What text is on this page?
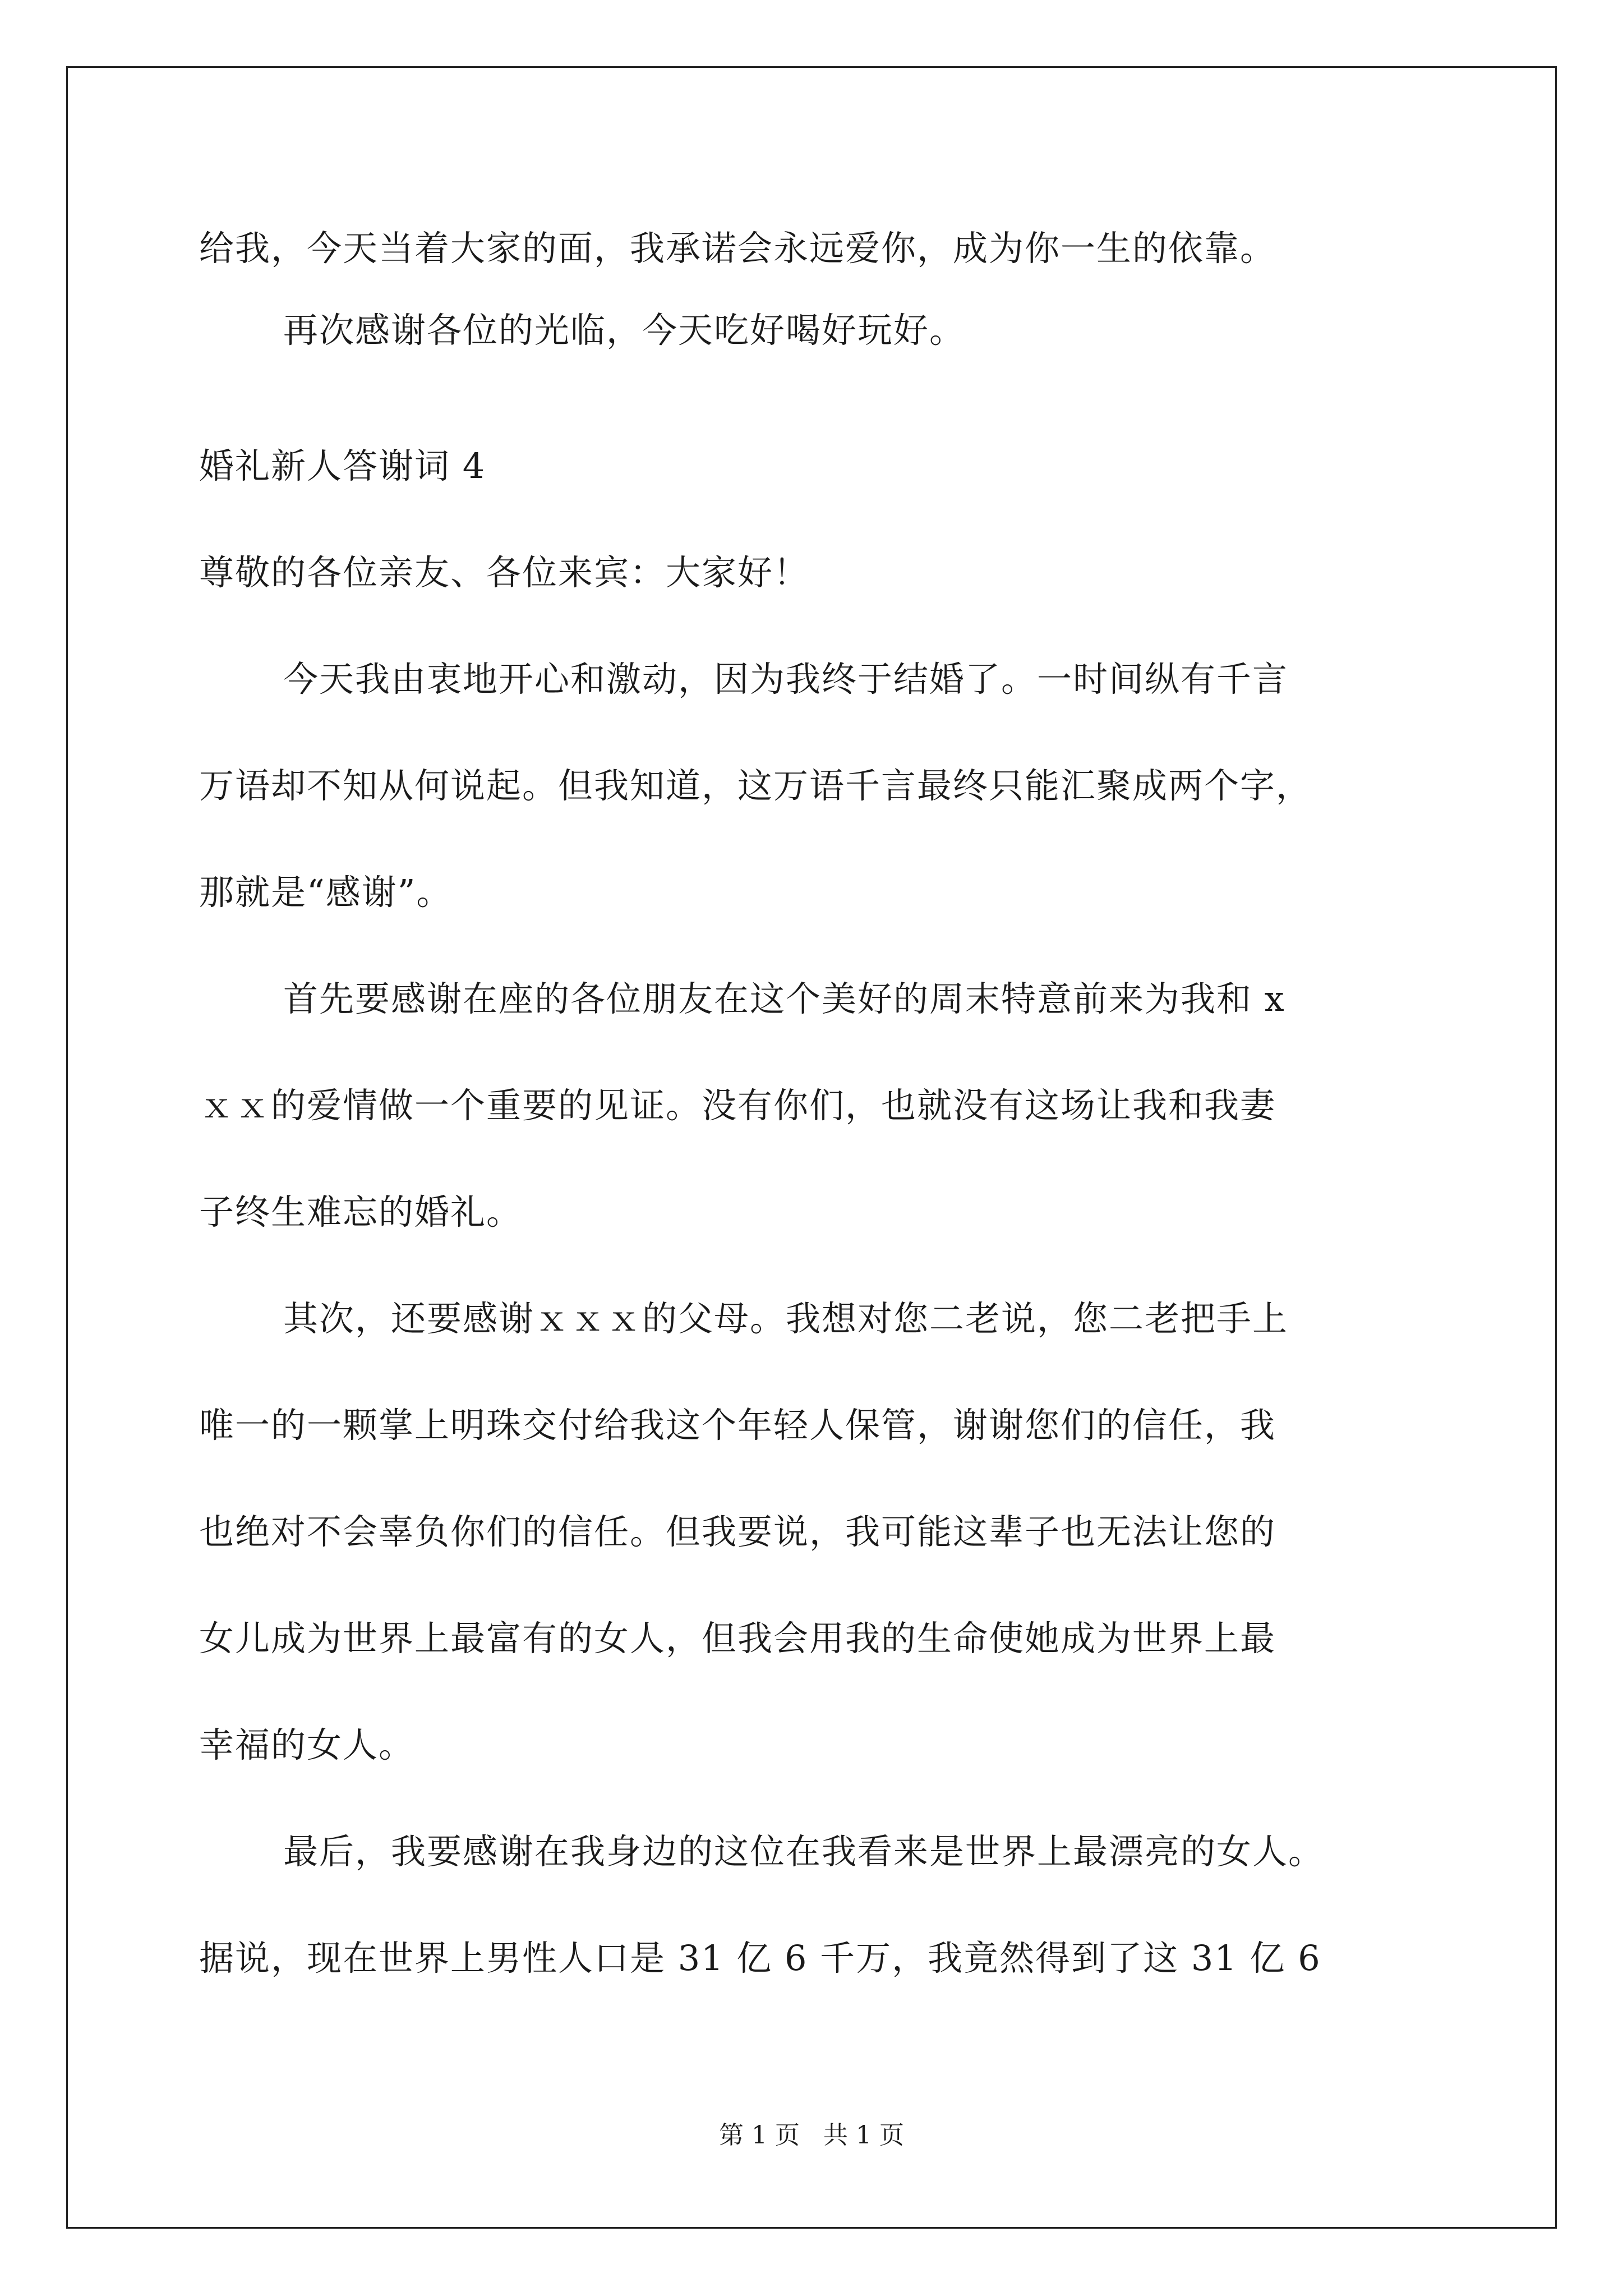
给我，今天当着大家的面，我承诺会永远爱你，成为你一生的依靠。
再次感谢各位的光临，今天吃好喝好玩好。
婚礼新人答谢词 4
尊敬的各位亲友、各位来宾：大家好！
今天我由衷地开心和激动，因为我终于结婚了。一时间纵有千言
万语却不知从何说起。但我知道，这万语千言最终只能汇聚成两个字，
那就是“感谢”。
首先要感谢在座的各位朋友在这个美好的周末特意前来为我和 x
ｘｘ的爱情做一个重要的见证。没有你们，也就没有这场让我和我妻
子终生难忘的婚礼。
其次，还要感谢ｘｘｘ的父母。我想对您二老说，您二老把手上
唯一的一颗掌上明珠交付给我这个年轻人保管，谢谢您们的信任，我
也绝对不会辜负你们的信任。但我要说，我可能这辈子也无法让您的
女儿成为世界上最富有的女人，但我会用我的生命使她成为世界上最
幸福的女人。
最后，我要感谢在我身边的这位在我看来是世界上最漂亮的女人。
据说，现在世界上男性人口是 31 亿 6 千万，我竟然得到了这 31 亿 6
第 1 页   共 1 页
